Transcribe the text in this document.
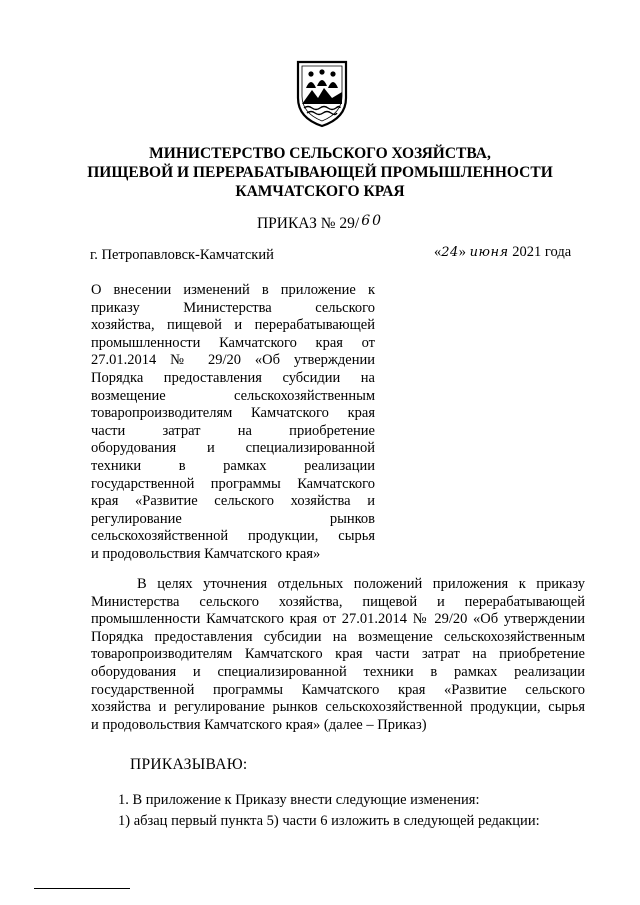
МИНИСТЕРСТВО СЕЛЬСКОГО ХОЗЯЙСТВА,
ПИЩЕВОЙ И ПЕРЕРАБАТЫВАЮЩЕЙ ПРОМЫШЛЕННОСТИ
КАМЧАТСКОГО КРАЯ
ПРИКАЗ № 29/ 60
г. Петропавловск-Камчатский	«24» июня 2021 года
О внесении изменений в приложение к
приказу Министерства сельского
хозяйства, пищевой и перерабатывающей
промышленности Камчатского края от
27.01.2014 № 29/20 «Об утверждении
Порядка предоставления субсидии на
возмещение сельскохозяйственным
товаропроизводителям Камчатского края
части затрат на приобретение
оборудования и специализированной
техники в рамках реализации
государственной программы Камчатского
края «Развитие сельского хозяйства и
регулирование рынков
сельскохозяйственной продукции, сырья
и продовольствия Камчатского края»
В целях уточнения отдельных положений приложения к приказу
Министерства сельского хозяйства, пищевой и перерабатывающей
промышленности Камчатского края от 27.01.2014 № 29/20 «Об утверждении
Порядка предоставления субсидии на возмещение сельскохозяйственным
товаропроизводителям Камчатского края части затрат на приобретение
оборудования и специализированной техники в рамках реализации
государственной программы Камчатского края «Развитие сельского
хозяйства и регулирование рынков сельскохозяйственной продукции, сырья
и продовольствия Камчатского края» (далее – Приказ)
ПРИКАЗЫВАЮ:
1. В приложение к Приказу внести следующие изменения:
1) абзац первый пункта 5) части 6 изложить в следующей редакции:
